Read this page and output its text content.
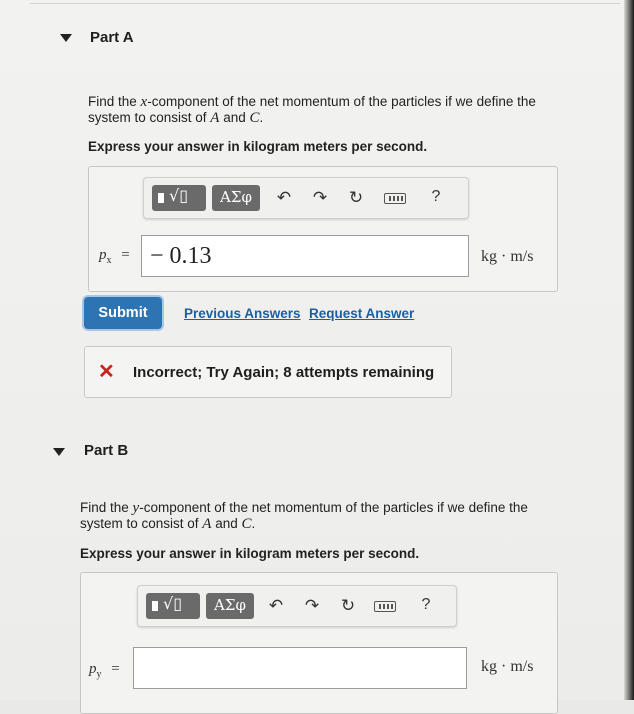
Part A
Find the x-component of the net momentum of the particles if we define the system to consist of A and C.
Express your answer in kilogram meters per second.
√▯	ΑΣφ	↶ ↷ ↻	?
$p_x$ = − 0.13	kg · m/s
Submit	Previous Answers Request Answer
✕ Incorrect; Try Again; 8 attempts remaining
Part B
Find the y-component of the net momentum of the particles if we define the system to consist of A and C.
Express your answer in kilogram meters per second.
√▯	ΑΣφ	↶ ↷ ↻	?
$p_y$ =	kg · m/s
